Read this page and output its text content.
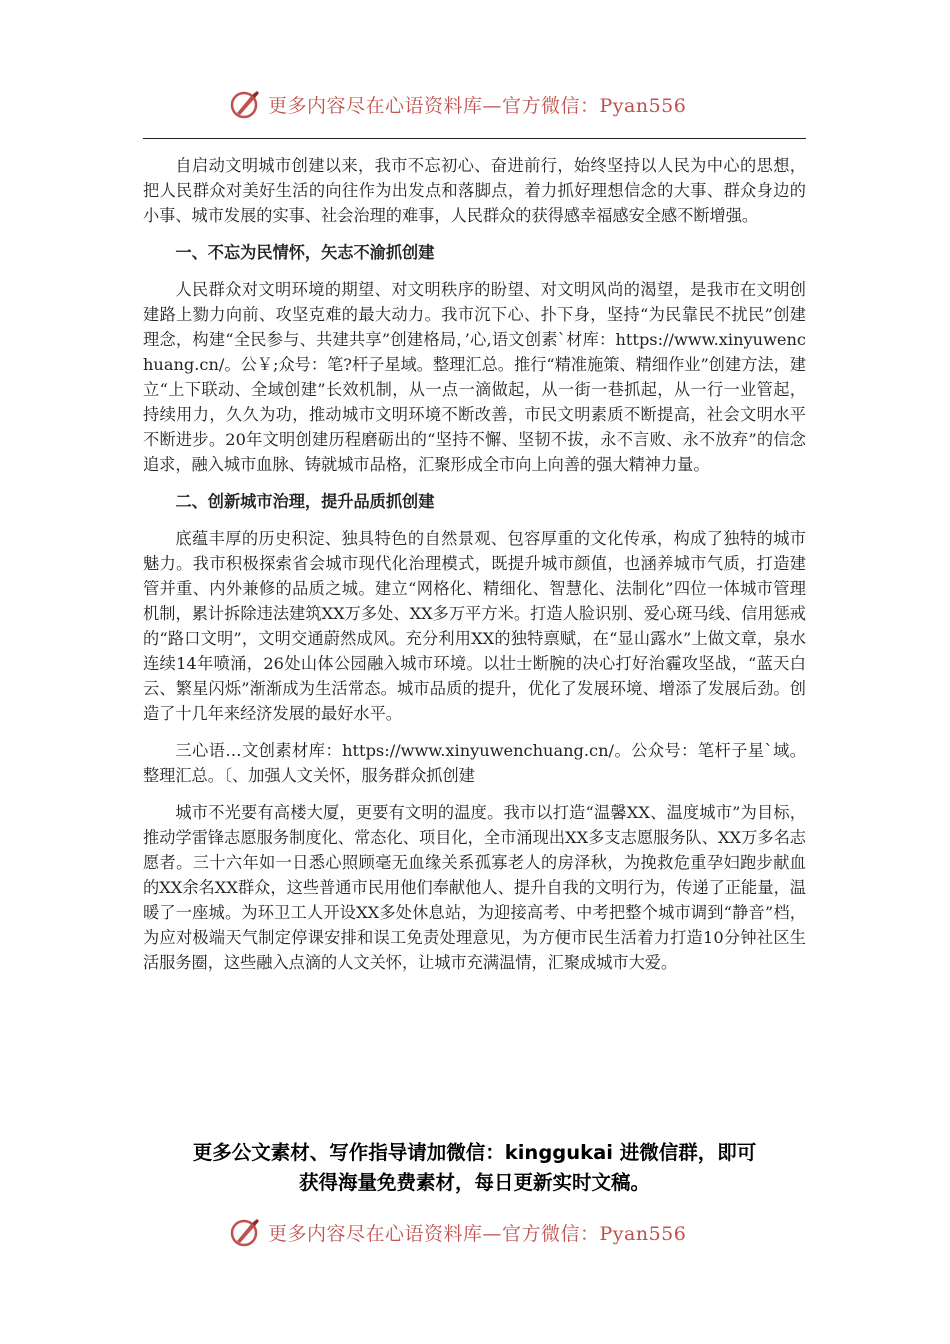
更多内容尽在心语资料库—官方微信：Pyan556

自启动文明城市创建以来，我市不忘初心、奋进前行，始终坚持以人民为中心的思想，把人民群众对美好生活的向往作为出发点和落脚点，着力抓好理想信念的大事、群众身边的小事、城市发展的实事、社会治理的难事，人民群众的获得感幸福感安全感不断增强。

一、不忘为民情怀，矢志不渝抓创建

人民群众对文明环境的期望、对文明秩序的盼望、对文明风尚的渴望，是我市在文明创建路上勠力向前、攻坚克难的最大动力。我市沉下心、扑下身，坚持“为民靠民不扰民”创建理念，构建“全民参与、共建共享”创建格局，’心,语文创素`材库：https://www.xinyuwenchuang.cn/。公￥;众号：笔?杆子星域。整理汇总。推行“精准施策、精细作业”创建方法，建立“上下联动、全域创建”长效机制，从一点一滴做起，从一街一巷抓起，从一行一业管起，持续用力，久久为功，推动城市文明环境不断改善，市民文明素质不断提高，社会文明水平不断进步。20年文明创建历程磨砺出的“坚持不懈、坚韧不拔，永不言败、永不放弃”的信念追求，融入城市血脉、铸就城市品格，汇聚形成全市向上向善的强大精神力量。

二、创新城市治理，提升品质抓创建

底蕴丰厚的历史积淀、独具特色的自然景观、包容厚重的文化传承，构成了独特的城市魅力。我市积极探索省会城市现代化治理模式，既提升城市颜值，也涵养城市气质，打造建管并重、内外兼修的品质之城。建立“网格化、精细化、智慧化、法制化”四位一体城市管理机制，累计拆除违法建筑XX万多处、XX多万平方米。打造人脸识别、爱心斑马线、信用惩戒的“路口文明”，文明交通蔚然成风。充分利用XX的独特禀赋，在“显山露水”上做文章，泉水连续14年喷涌，26处山体公园融入城市环境。以壮士断腕的决心打好治霾攻坚战，“蓝天白云、繁星闪烁”渐渐成为生活常态。城市品质的提升，优化了发展环境、增添了发展后劲。创造了十几年来经济发展的最好水平。

三心语…文创素材库：https://www.xinyuwenchuang.cn/。公众号：笔杆子星`域。整理汇总。〔、加强人文关怀，服务群众抓创建

城市不光要有高楼大厦，更要有文明的温度。我市以打造“温馨XX、温度城市”为目标，推动学雷锋志愿服务制度化、常态化、项目化，全市涌现出XX多支志愿服务队、XX万多名志愿者。三十六年如一日悉心照顾毫无血缘关系孤寡老人的房泽秋，为挽救危重孕妇跑步献血的XX余名XX群众，这些普通市民用他们奉献他人、提升自我的文明行为，传递了正能量，温暖了一座城。为环卫工人开设XX多处休息站，为迎接高考、中考把整个城市调到“静音”档，为应对极端天气制定停课安排和误工免责处理意见，为方便市民生活着力打造10分钟社区生活服务圈，这些融入点滴的人文关怀，让城市充满温情，汇聚成城市大爱。

更多公文素材、写作指导请加微信：kinggukai 进微信群，即可
获得海量免费素材，每日更新实时文稿。
更多内容尽在心语资料库—官方微信：Pyan556
